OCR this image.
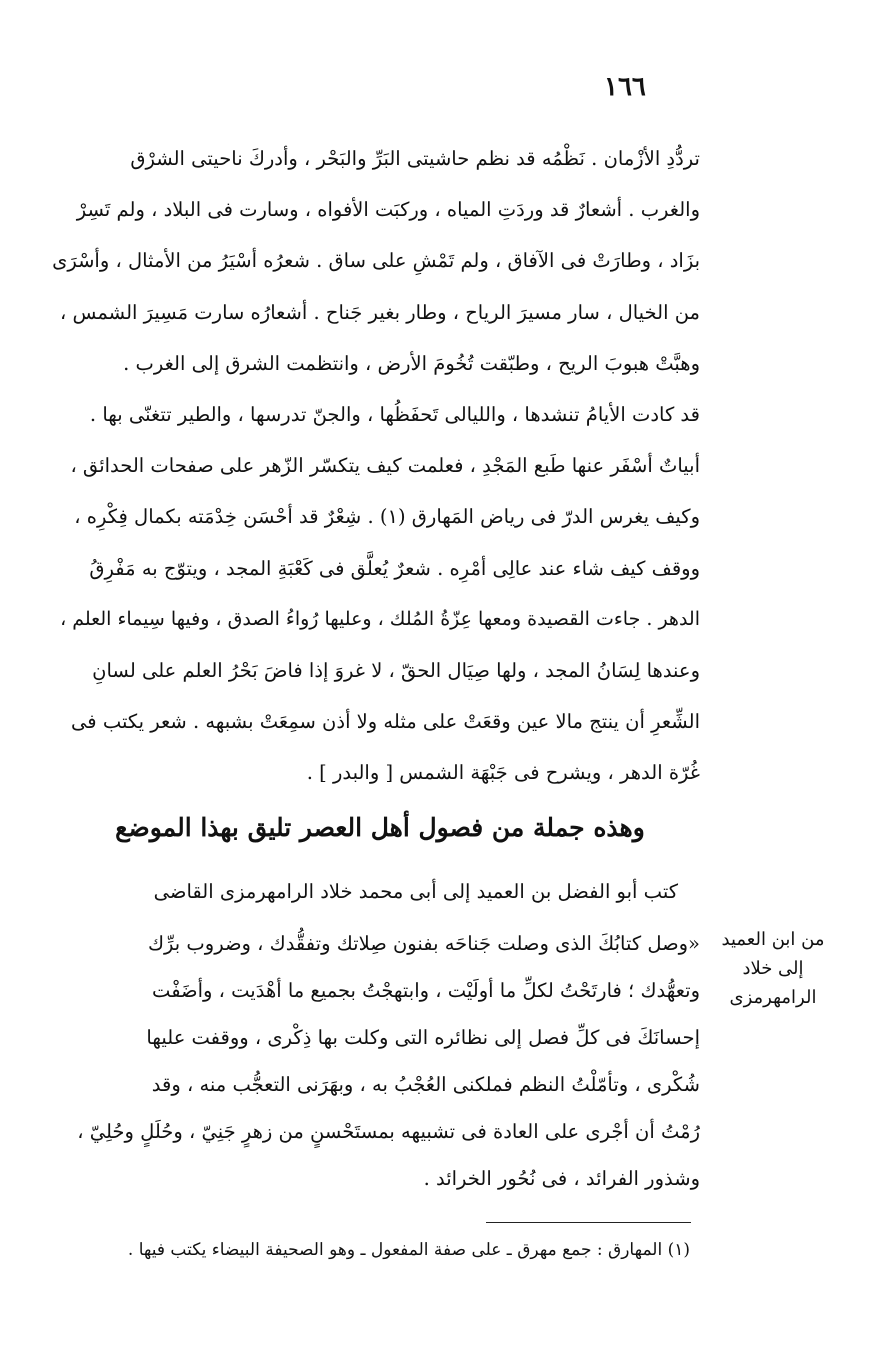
١٦٦
تردُّدِ الأزْمان . نَظْمُه قد نظم حاشيتى البَرِّ والبَحْر ، وأدركَ ناحيتى الشرْق
والغرب . أشعارٌ قد وردَتِ المياه ، وركبَت الأفواه ، وسارت فى البلاد ، ولم تَسِرْ
بزَاد ، وطارَتْ فى الآفاق ، ولم تَمْشِ على ساق . شعرُه أسْيَرُ من الأمثال ، وأسْرَى
من الخيال ، سار مسيرَ الرياح ، وطار بغير جَناح . أشعارُه سارت مَسِيرَ الشمس ،
وهبَّتْ هبوبَ الريح ، وطبّقت تُخُومَ الأرض ، وانتظمت الشرق إلى الغرب .
قد كادت الأيامُ تنشدها ، والليالى تَحفَظُها ، والجنّ تدرسها ، والطير تتغنّى بها .
أبياتٌ أسْفَر عنها طَبع المَجْدِ ، فعلمت كيف يتكسّر الزّهر على صفحات الحدائق ،
وكيف يغرس الدرّ فى رياض المَهارق (١) . شِعْرٌ قد أحْسَن خِدْمَته بكمال فِكْرِه ،
ووقف كيف شاء عند عالِى أمْرِه . شعرٌ يُعلَّق فى كَعْبَةِ المجد ، ويتوّج به مَفْرِقُ
الدهر . جاءت القصيدة ومعها عِزّةُ المُلك ، وعليها رُواءُ الصدق ، وفيها سِيماء العلم ،
وعندها لِسَانُ المجد ، ولها صِيَال الحقّ ، لا غروَ إذا فاضَ بَحْرُ العلم على لسانِ
الشِّعرِ أن ينتج مالا عين وقعَتْ على مثله ولا أذن سمِعَتْ بشبهه . شعر يكتب فى
غُرّة الدهر ، ويشرح فى جَبْهَة الشمس [ والبدر ] .
وهذه جملة من فصول أهل العصر تليق بهذا الموضع
كتب أبو الفضل بن العميد إلى أبى محمد خلاد الرامهرمزى القاضى
«وصل كتابُكَ الذى وصلت جَناحَه بفنون صِلاتك وتفقُّدك ، وضروب برِّك
وتعهُّدك ؛ فارتَحْتُ لكلِّ ما أولَيْت ، وابتهجْتُ بجميع ما أهْدَيت ، وأضَفْت
إحسانَكَ فى كلِّ فصل إلى نظائره التى وكلت بها ذِكْرى ، ووقفت عليها
شُكْرى ، وتأمّلْتُ النظم فملكنى العُجْبُ به ، وبهَرَنى التعجُّب منه ، وقد
رُمْتُ أن أجْرى على العادة فى تشبيهه بمستَحْسنٍ من زهرٍ جَنِيّ ، وحُلَلٍ وحُلِيّ ،
وشذور الفرائد ، فى نُحُور الخرائد .
من ابن العميد
إلى خلاد
الرامهرمزى
(١) المهارق : جمع مهرق ـ على صفة المفعول ـ وهو الصحيفة البيضاء يكتب فيها .
